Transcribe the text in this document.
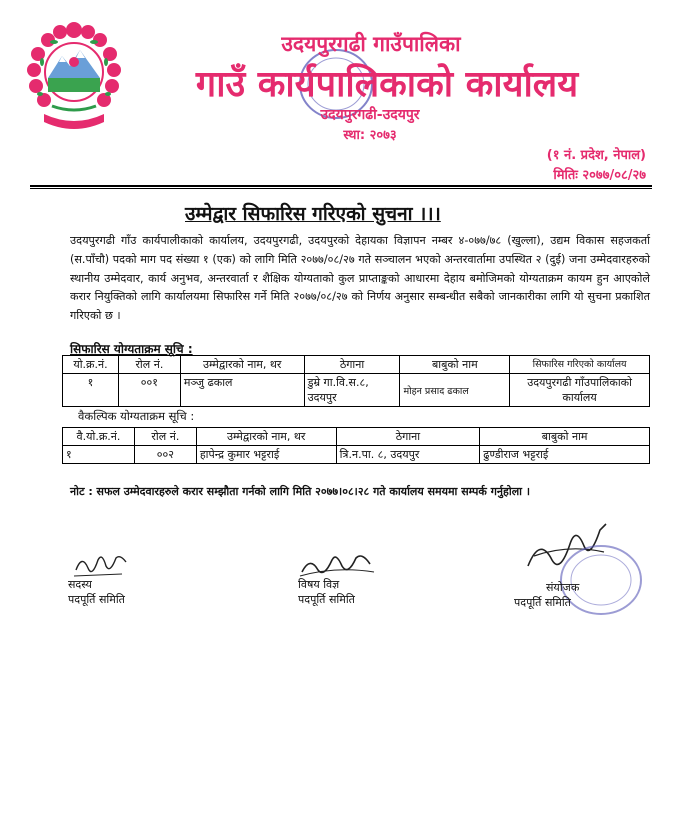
उदयपुरगढी गाउँपालिका
गाउँ कार्यपालिकाको कार्यालय
उदयपुरगढी-उदयपुर
स्था: २०७३
(१ नं. प्रदेश, नेपाल)
मितिः २०७७/०८/२७
उम्मेद्वार सिफारिस गरिएको सुचना ।।।
उदयपुरगढी गाँउ कार्यपालीकाको कार्यालय, उदयपुरगढी, उदयपुरको देहायका विज्ञापन नम्बर ४-०७७/७८ (खुल्ला), उद्यम विकास सहजकर्ता (स.पाँचौ) पदको माग पद संख्या १ (एक) को लागि मिति २०७७/०८/२७ गते सञ्चालन भएको अन्तरवार्तामा उपस्थित २ (दुई) जना उम्मेदवारहरुको स्थानीय उम्मेदवार, कार्य अनुभव, अन्तरवार्ता र शैक्षिक योग्यताको कुल प्राप्ताङ्कको आधारमा देहाय बमोजिमको योग्यताक्रम कायम हुन आएकोले करार नियुक्तिको लागि कार्यालयमा सिफारिस गर्ने मिति २०७७/०८/२७ को निर्णय अनुसार सम्बन्धीत सबैको जानकारीका लागि यो सुचना प्रकाशित गरिएको छ ।
सिफारिस योग्यताक्रम सूचि :
यो.क्र.नं.	रोल नं.	उम्मेद्वारको नाम, थर	ठेगाना	बाबुको नाम	सिफारिस गरिएको कार्यालय
१	००१	मञ्जु ढकाल	डुम्रे गा.वि.स.८, उदयपुर	मोहन प्रसाद ढकाल	उदयपुरगढी गाँउपालिकाको कार्यालय
वैकल्पिक योग्यताक्रम सूचि :
वै.यो.क्र.नं.	रोल नं.	उम्मेद्वारको नाम, थर	ठेगाना	बाबुको नाम
१	००२	हापेन्द्र कुमार भट्टराई	त्रि.न.पा. ८, उदयपुर	ढुण्डीराज भट्टराई
नोट : सफल उम्मेदवारहरुले करार सम्झौता गर्नको लागि मिति २०७७।०८।२८ गते कार्यालय समयमा सम्पर्क गर्नुहोला ।
सदस्य
पदपूर्ति समिति
विषय विज्ञ
पदपूर्ति समिति
संयोजक
पदपूर्ति समिति
